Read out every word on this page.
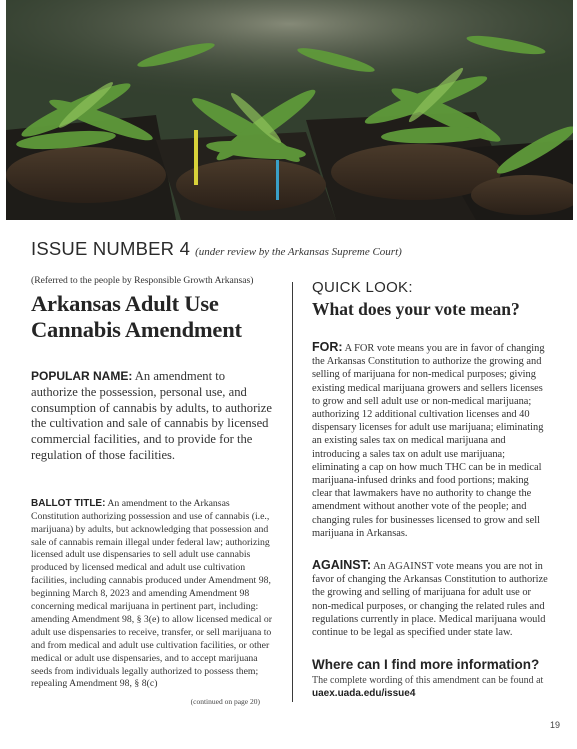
ISSUE NUMBER 4 (under review by the Arkansas Supreme Court)
(Referred to the people by Responsible Growth Arkansas)
Arkansas Adult Use
Cannabis Amendment
POPULAR NAME: An amendment to authorize the possession, personal use, and consumption of cannabis by adults, to authorize the cultivation and sale of cannabis by licensed commercial facilities, and to provide for the regulation of those facilities.
BALLOT TITLE: An amendment to the Arkansas Constitution authorizing possession and use of cannabis (i.e., marijuana) by adults, but acknowledging that possession and sale of cannabis remain illegal under federal law; authorizing licensed adult use dispensaries to sell adult use cannabis produced by licensed medical and adult use cultivation facilities, including cannabis produced under Amendment 98, beginning March 8, 2023 and amending Amendment 98 concerning medical marijuana in pertinent part, including: amending Amendment 98, § 3(e) to allow licensed medical or adult use dispensaries to receive, transfer, or sell marijuana to and from medical and adult use cultivation facilities, or other medical or adult use dispensaries, and to accept marijuana seeds from individuals legally authorized to possess them; repealing Amendment 98, § 8(c)
(continued on page 20)
QUICK LOOK:
What does your vote mean?
FOR: A FOR vote means you are in favor of changing the Arkansas Constitution to authorize the growing and selling of marijuana for non-medical purposes; giving existing medical marijuana growers and sellers licenses to grow and sell adult use or non-medical marijuana; authorizing 12 additional cultivation licenses and 40 dispensary licenses for adult use marijuana; eliminating an existing sales tax on medical marijuana and introducing a sales tax on adult use marijuana; eliminating a cap on how much THC can be in medical marijuana-infused drinks and food portions; making clear that lawmakers have no authority to change the amendment without another vote of the people; and changing rules for businesses licensed to grow and sell marijuana in Arkansas.
AGAINST: An AGAINST vote means you are not in favor of changing the Arkansas Constitution to authorize the growing and selling of marijuana for adult use or non-medical purposes, or changing the related rules and regulations currently in place. Medical marijuana would continue to be legal as specified under state law.
Where can I find more information?
The complete wording of this amendment can be found at uaex.uada.edu/issue4
19
